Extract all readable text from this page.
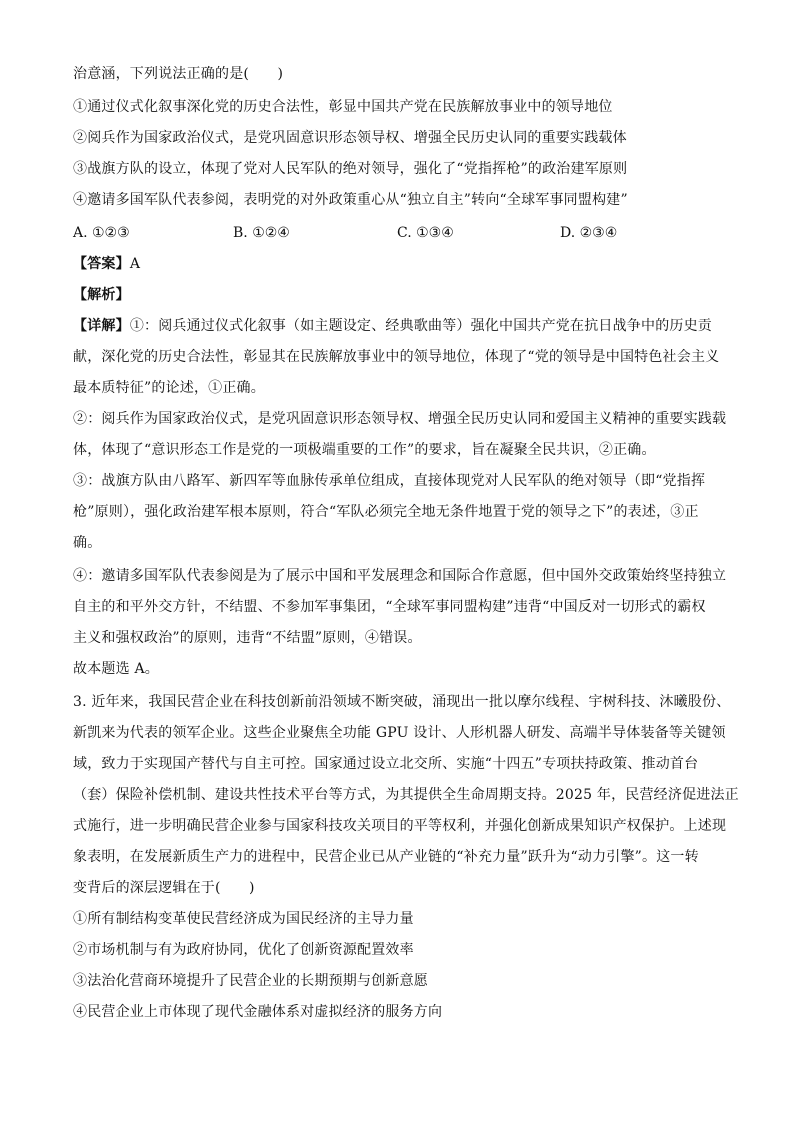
治意涵，下列说法正确的是(　　)
①通过仪式化叙事深化党的历史合法性，彰显中国共产党在民族解放事业中的领导地位
②阅兵作为国家政治仪式，是党巩固意识形态领导权、增强全民历史认同的重要实践载体
③战旗方队的设立，体现了党对人民军队的绝对领导，强化了“党指挥枪”的政治建军原则
④邀请多国军队代表参阅，表明党的对外政策重心从“独立自主”转向“全球军事同盟构建”
A. ①②③	B. ①②④	C. ①③④	D. ②③④
【答案】A
【解析】
【详解】①：阅兵通过仪式化叙事（如主题设定、经典歌曲等）强化中国共产党在抗日战争中的历史贡
献，深化党的历史合法性，彰显其在民族解放事业中的领导地位，体现了“党的领导是中国特色社会主义
最本质特征”的论述，①正确。
②：阅兵作为国家政治仪式，是党巩固意识形态领导权、增强全民历史认同和爱国主义精神的重要实践载
体，体现了“意识形态工作是党的一项极端重要的工作”的要求，旨在凝聚全民共识，②正确。
③：战旗方队由八路军、新四军等血脉传承单位组成，直接体现党对人民军队的绝对领导（即“党指挥
枪”原则），强化政治建军根本原则，符合“军队必须完全地无条件地置于党的领导之下”的表述，③正
确。
④：邀请多国军队代表参阅是为了展示中国和平发展理念和国际合作意愿，但中国外交政策始终坚持独立
自主的和平外交方针，不结盟、不参加军事集团，“全球军事同盟构建”违背“中国反对一切形式的霸权
主义和强权政治”的原则，违背“不结盟”原则，④错误。
故本题选 A。
3. 近年来，我国民营企业在科技创新前沿领域不断突破，涌现出一批以摩尔线程、宇树科技、沐曦股份、
新凯来为代表的领军企业。这些企业聚焦全功能 GPU 设计、人形机器人研发、高端半导体装备等关键领
域，致力于实现国产替代与自主可控。国家通过设立北交所、实施“十四五”专项扶持政策、推动首台
（套）保险补偿机制、建设共性技术平台等方式，为其提供全生命周期支持。2025 年，民营经济促进法正
式施行，进一步明确民营企业参与国家科技攻关项目的平等权利，并强化创新成果知识产权保护。上述现
象表明，在发展新质生产力的进程中，民营企业已从产业链的“补充力量”跃升为“动力引擎”。这一转
变背后的深层逻辑在于(　　)
①所有制结构变革使民营经济成为国民经济的主导力量
②市场机制与有为政府协同，优化了创新资源配置效率
③法治化营商环境提升了民营企业的长期预期与创新意愿
④民营企业上市体现了现代金融体系对虚拟经济的服务方向
